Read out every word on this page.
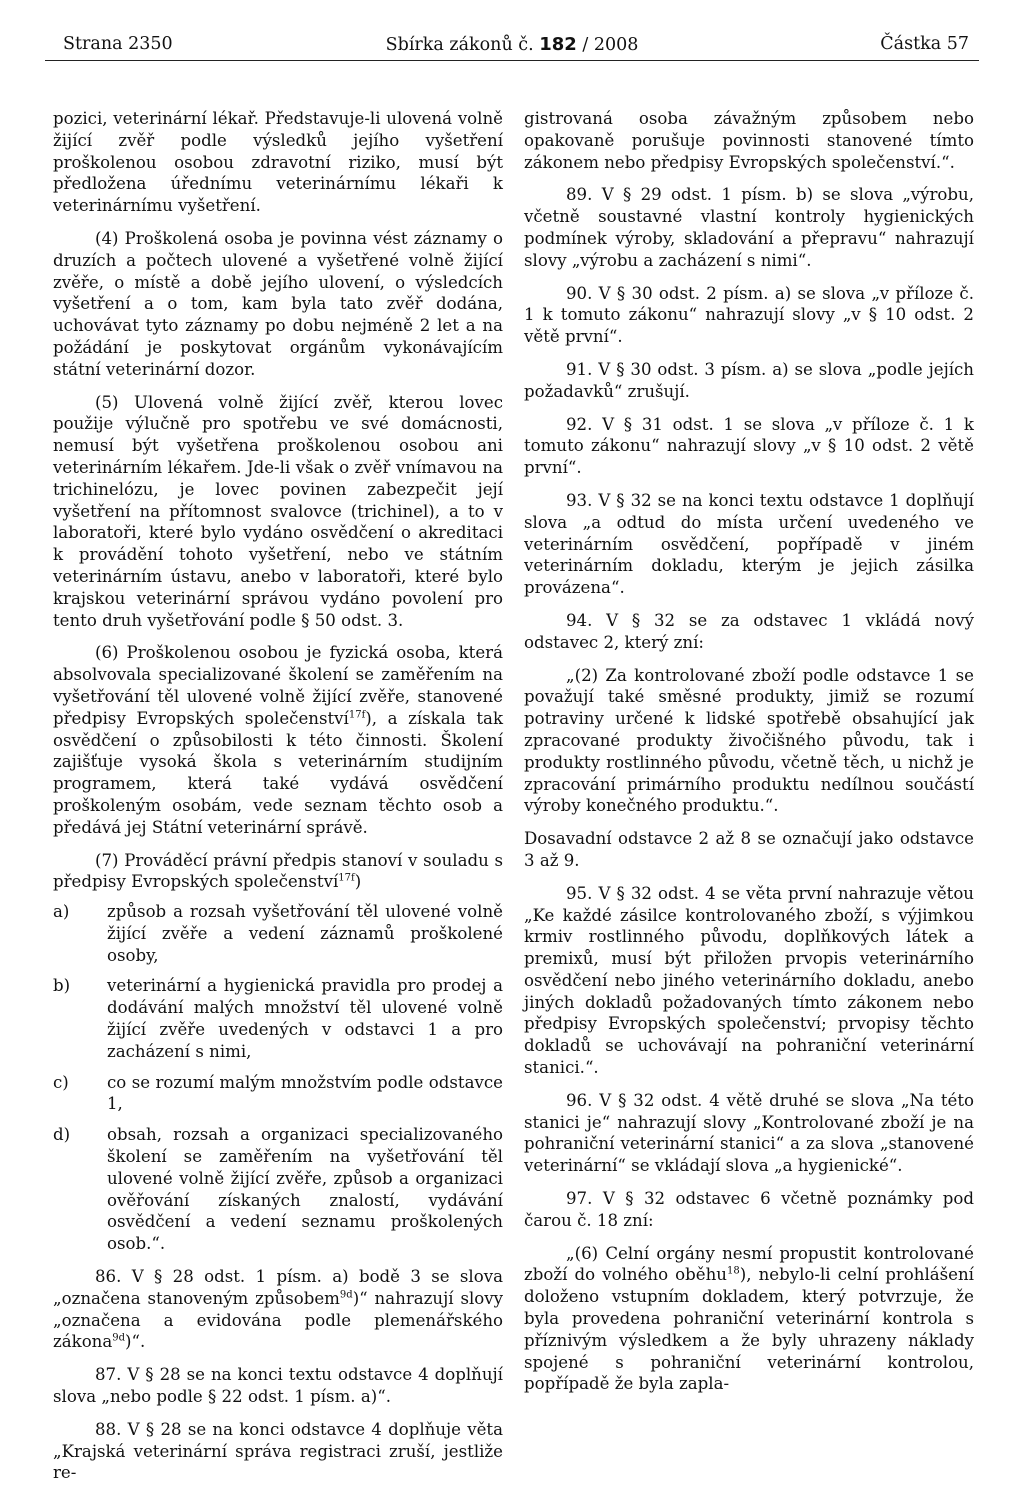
Strana 2350	Sbírka zákonů č. 182 / 2008	Částka 57

pozici, veterinární lékař. Představuje-li ulovená volně žijící zvěř podle výsledků jejího vyšetření proškolenou osobou zdravotní riziko, musí být předložena úřednímu veterinárnímu lékaři k veterinárnímu vyšetření.

(4) Proškolená osoba je povinna vést záznamy o druzích a počtech ulovené a vyšetřené volně žijící zvěře, o místě a době jejího ulovení, o výsledcích vyšetření a o tom, kam byla tato zvěř dodána, uchovávat tyto záznamy po dobu nejméně 2 let a na požádání je poskytovat orgánům vykonávajícím státní veterinární dozor.

(5) Ulovená volně žijící zvěř, kterou lovec použije výlučně pro spotřebu ve své domácnosti, nemusí být vyšetřena proškolenou osobou ani veterinárním lékařem. Jde-li však o zvěř vnímavou na trichinelózu, je lovec povinen zabezpečit její vyšetření na přítomnost svalovce (trichinel), a to v laboratoři, které bylo vydáno osvědčení o akreditaci k provádění tohoto vyšetření, nebo ve státním veterinárním ústavu, anebo v laboratoři, které bylo krajskou veterinární správou vydáno povolení pro tento druh vyšetřování podle § 50 odst. 3.

(6) Proškolenou osobou je fyzická osoba, která absolvovala specializované školení se zaměřením na vyšetřování těl ulovené volně žijící zvěře, stanovené předpisy Evropských společenství$^{17f}$), a získala tak osvědčení o způsobilosti k této činnosti. Školení zajišťuje vysoká škola s veterinárním studijním programem, která také vydává osvědčení proškoleným osobám, vede seznam těchto osob a předává jej Státní veterinární správě.

(7) Prováděcí právní předpis stanoví v souladu s předpisy Evropských společenství$^{17f}$)

a) způsob a rozsah vyšetřování těl ulovené volně žijící zvěře a vedení záznamů proškolené osoby,
b) veterinární a hygienická pravidla pro prodej a dodávání malých množství těl ulovené volně žijící zvěře uvedených v odstavci 1 a pro zacházení s nimi,
c) co se rozumí malým množstvím podle odstavce 1,
d) obsah, rozsah a organizaci specializovaného školení se zaměřením na vyšetřování těl ulovené volně žijící zvěře, způsob a organizaci ověřování získaných znalostí, vydávání osvědčení a vedení seznamu proškolených osob.“.

86. V § 28 odst. 1 písm. a) bodě 3 se slova „označena stanoveným způsobem$^{9d}$)“ nahrazují slovy „označena a evidována podle plemenářského zákona$^{9d}$)“.

87. V § 28 se na konci textu odstavce 4 doplňují slova „nebo podle § 22 odst. 1 písm. a)“.

88. V § 28 se na konci odstavce 4 doplňuje věta „Krajská veterinární správa registraci zruší, jestliže re-

gistrovaná osoba závažným způsobem nebo opakovaně porušuje povinnosti stanovené tímto zákonem nebo předpisy Evropských společenství.“.

89. V § 29 odst. 1 písm. b) se slova „výrobu, včetně soustavné vlastní kontroly hygienických podmínek výroby, skladování a přepravu“ nahrazují slovy „výrobu a zacházení s nimi“.

90. V § 30 odst. 2 písm. a) se slova „v příloze č. 1 k tomuto zákonu“ nahrazují slovy „v § 10 odst. 2 větě první“.

91. V § 30 odst. 3 písm. a) se slova „podle jejích požadavků“ zrušují.

92. V § 31 odst. 1 se slova „v příloze č. 1 k tomuto zákonu“ nahrazují slovy „v § 10 odst. 2 větě první“.

93. V § 32 se na konci textu odstavce 1 doplňují slova „a odtud do místa určení uvedeného ve veterinárním osvědčení, popřípadě v jiném veterinárním dokladu, kterým je jejich zásilka provázena“.

94. V § 32 se za odstavec 1 vkládá nový odstavec 2, který zní:

„(2) Za kontrolované zboží podle odstavce 1 se považují také směsné produkty, jimiž se rozumí potraviny určené k lidské spotřebě obsahující jak zpracované produkty živočišného původu, tak i produkty rostlinného původu, včetně těch, u nichž je zpracování primárního produktu nedílnou součástí výroby konečného produktu.“.

Dosavadní odstavce 2 až 8 se označují jako odstavce 3 až 9.

95. V § 32 odst. 4 se věta první nahrazuje větou „Ke každé zásilce kontrolovaného zboží, s výjimkou krmiv rostlinného původu, doplňkových látek a premixů, musí být přiložen prvopis veterinárního osvědčení nebo jiného veterinárního dokladu, anebo jiných dokladů požadovaných tímto zákonem nebo předpisy Evropských společenství; prvopisy těchto dokladů se uchovávají na pohraniční veterinární stanici.“.

96. V § 32 odst. 4 větě druhé se slova „Na této stanici je“ nahrazují slovy „Kontrolované zboží je na pohraniční veterinární stanici“ a za slova „stanovené veterinární“ se vkládají slova „a hygienické“.

97. V § 32 odstavec 6 včetně poznámky pod čarou č. 18 zní:

„(6) Celní orgány nesmí propustit kontrolované zboží do volného oběhu$^{18}$), nebylo-li celní prohlášení doloženo vstupním dokladem, který potvrzuje, že byla provedena pohraniční veterinární kontrola s příznivým výsledkem a že byly uhrazeny náklady spojené s pohraniční veterinární kontrolou, popřípadě že byla zapla-
